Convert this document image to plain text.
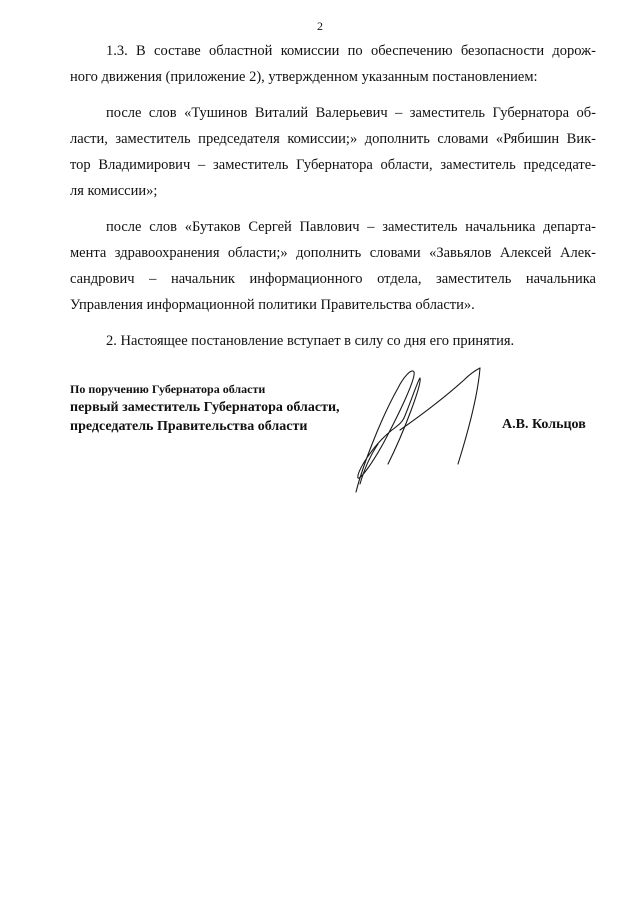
2

1.3. В составе областной комиссии по обеспечению безопасности дорож-
ного движения (приложение 2), утвержденном указанным постановлением:

после слов «Тушинов Виталий Валерьевич – заместитель Губернатора об-
ласти, заместитель председателя комиссии;» дополнить словами «Рябишин Вик-
тор Владимирович – заместитель Губернатора области, заместитель председате-
ля комиссии»;

после слов «Бутаков Сергей Павлович – заместитель начальника департа-
мента здравоохранения области;» дополнить словами «Завьялов Алексей Алек-
сандрович – начальник информационного отдела, заместитель начальника
Управления информационной политики Правительства области».

2. Настоящее постановление вступает в силу со дня его принятия.

По поручению Губернатора области
первый заместитель Губернатора области,
председатель Правительства области	А.В. Кольцов
